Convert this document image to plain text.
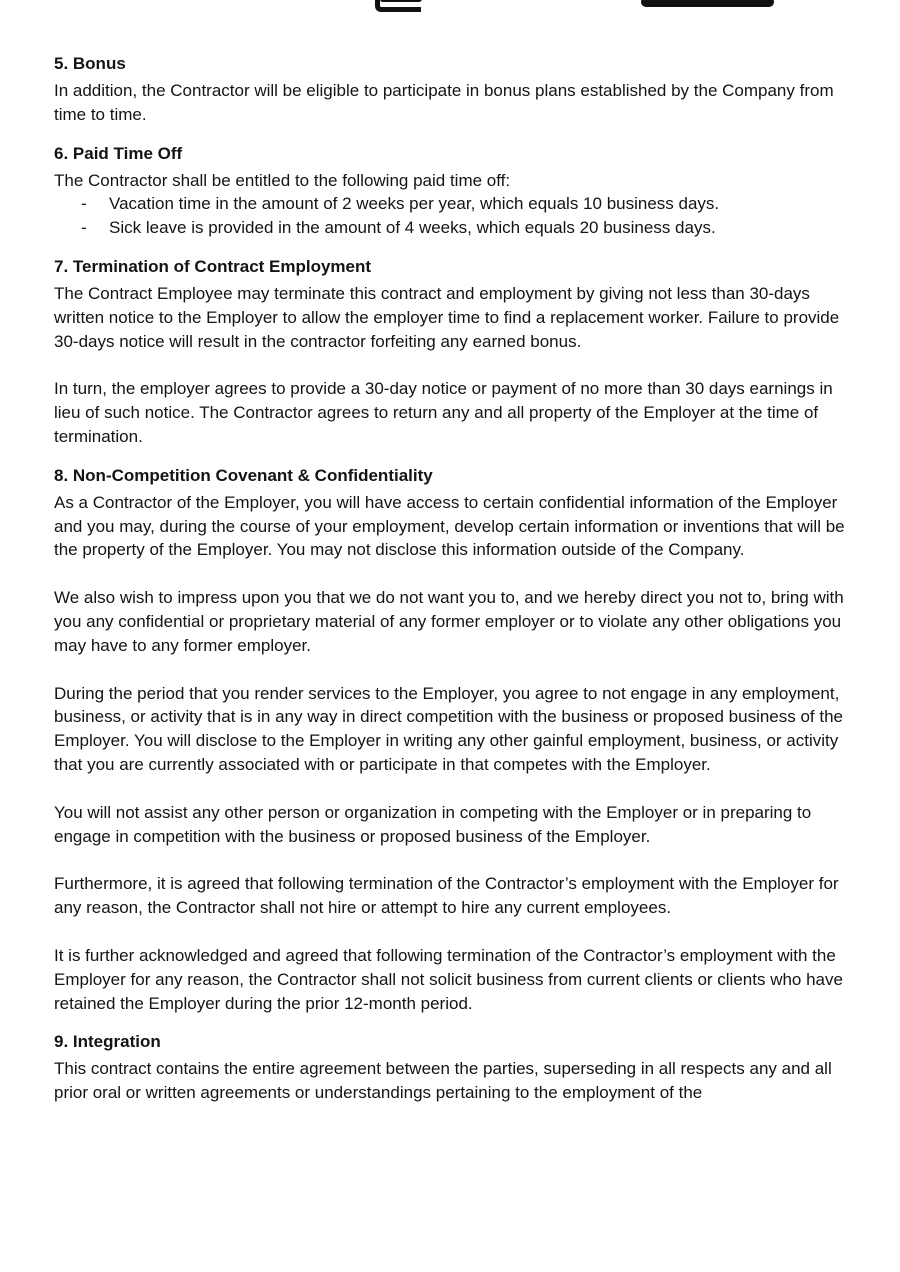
5. Bonus

In addition, the Contractor will be eligible to participate in bonus plans established by the Company from time to time.

6. Paid Time Off

The Contractor shall be entitled to the following paid time off:

- Vacation time in the amount of 2 weeks per year, which equals 10 business days.
- Sick leave is provided in the amount of 4 weeks, which equals 20 business days.
7. Termination of Contract Employment

The Contract Employee may terminate this contract and employment by giving not less than 30-days written notice to the Employer to allow the employer time to find a replacement worker. Failure to provide 30-days notice will result in the contractor forfeiting any earned bonus.

In turn, the employer agrees to provide a 30-day notice or payment of no more than 30 days earnings in lieu of such notice. The Contractor agrees to return any and all property of the Employer at the time of termination.

8. Non-Competition Covenant & Confidentiality

As a Contractor of the Employer, you will have access to certain confidential information of the Employer and you may, during the course of your employment, develop certain information or inventions that will be the property of the Employer. You may not disclose this information outside of the Company.

We also wish to impress upon you that we do not want you to, and we hereby direct you not to, bring with you any confidential or proprietary material of any former employer or to violate any other obligations you may have to any former employer.

During the period that you render services to the Employer, you agree to not engage in any employment, business, or activity that is in any way in direct competition with the business or proposed business of the Employer. You will disclose to the Employer in writing any other gainful employment, business, or activity that you are currently associated with or participate in that competes with the Employer.

You will not assist any other person or organization in competing with the Employer or in preparing to engage in competition with the business or proposed business of the Employer.

Furthermore, it is agreed that following termination of the Contractor’s employment with the Employer for any reason, the Contractor shall not hire or attempt to hire any current employees.

It is further acknowledged and agreed that following termination of the Contractor’s employment with the Employer for any reason, the Contractor shall not solicit business from current clients or clients who have retained the Employer during the prior 12-month period.

9. Integration

This contract contains the entire agreement between the parties, superseding in all respects any and all prior oral or written agreements or understandings pertaining to the employment of the
